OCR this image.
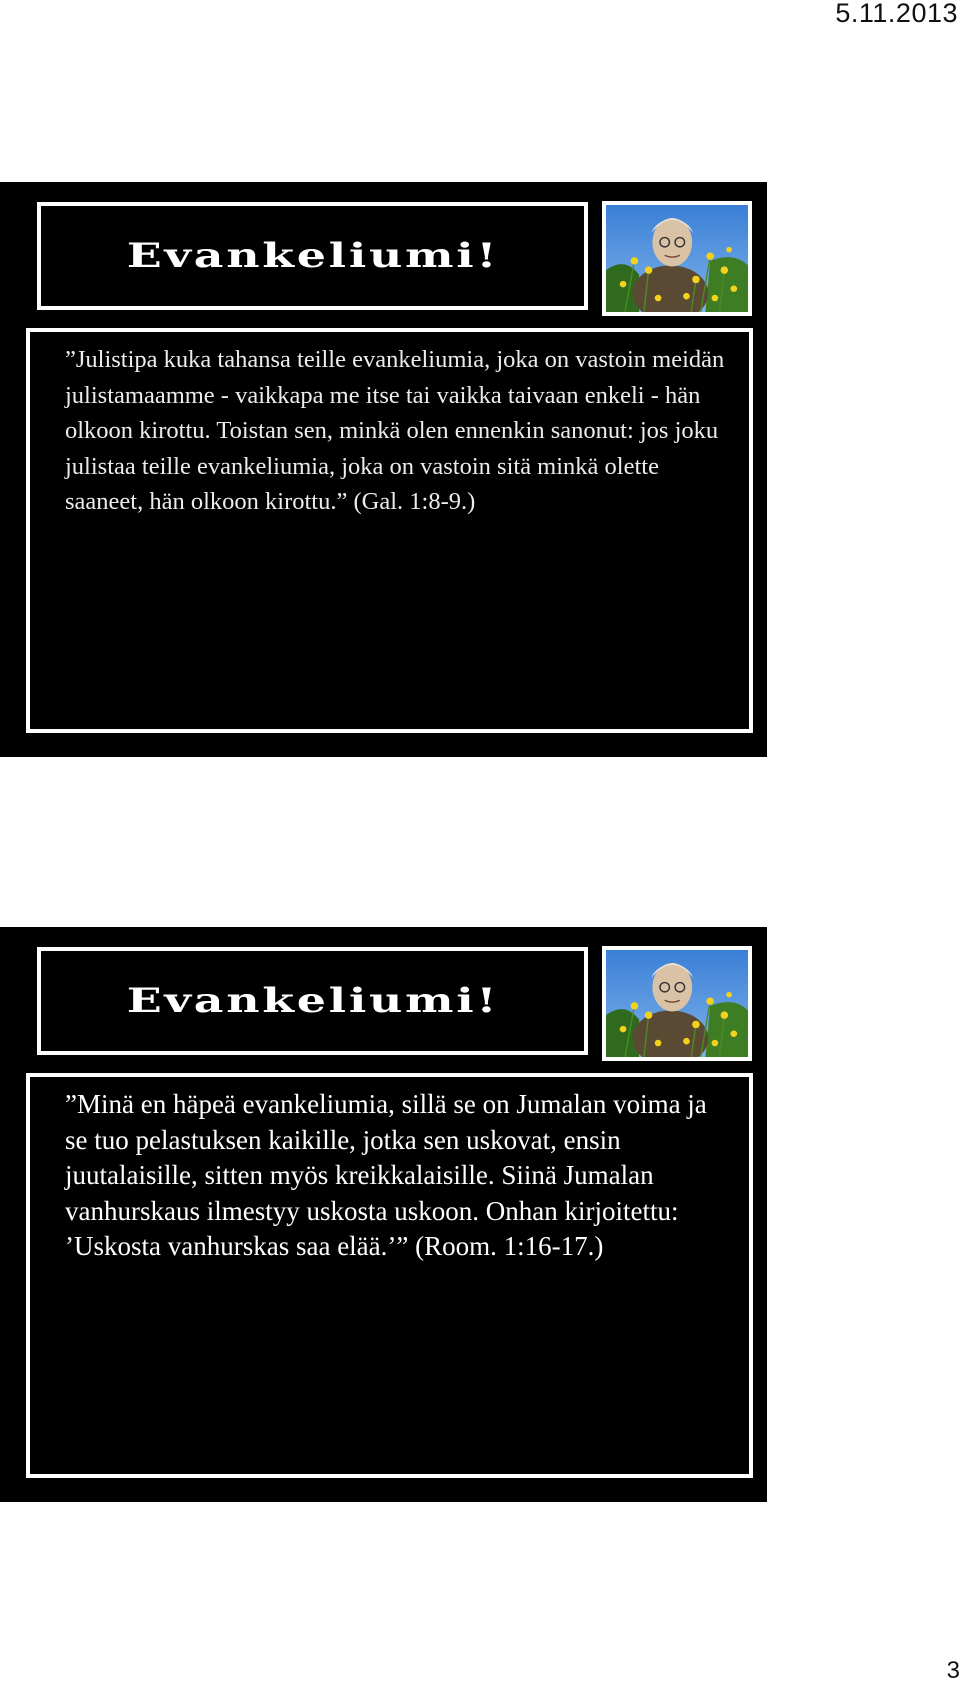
5.11.2013
Evankeliumi!

”Julistipa kuka tahansa teille evankeliumia, joka on vastoin meidän julistamaamme - vaikkapa me itse tai vaikka taivaan enkeli - hän olkoon kirottu. Toistan sen, minkä olen ennenkin sanonut: jos joku julistaa teille evankeliumia, joka on vastoin sitä minkä olette saaneet, hän olkoon kirottu.” (Gal. 1:8-9.)

Evankeliumi!

”Minä en häpeä evankeliumia, sillä se on Jumalan voima ja se tuo pelastuksen kaikille, jotka sen uskovat, ensin juutalaisille, sitten myös kreikkalaisille. Siinä Jumalan vanhurskaus ilmestyy uskosta uskoon. Onhan kirjoitettu: ’Uskosta vanhurskas saa elää.’” (Room. 1:16-17.)

3
